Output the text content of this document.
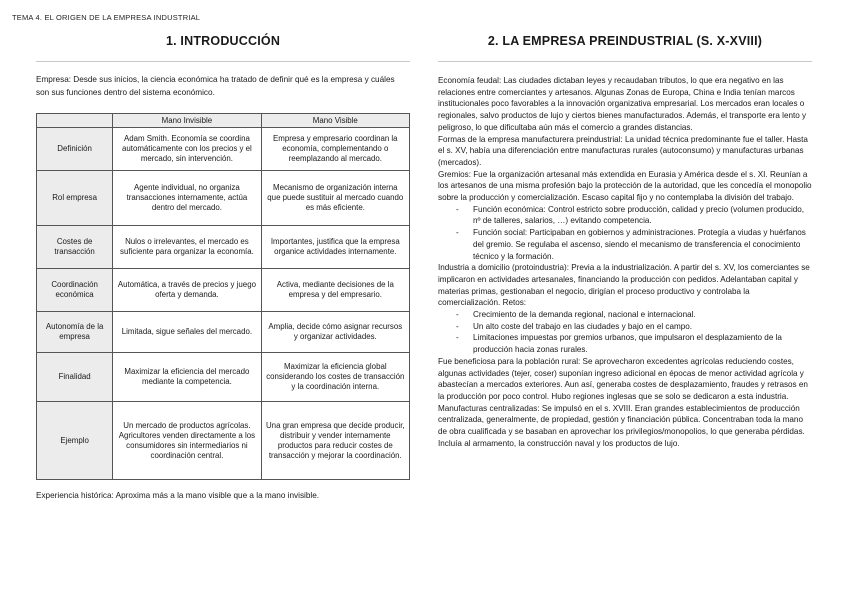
TEMA 4. EL ORIGEN DE LA EMPRESA INDUSTRIAL
1. INTRODUCCIÓN
Empresa: Desde sus inicios, la ciencia económica ha tratado de definir qué es la empresa y cuáles son sus funciones dentro del sistema económico.
	Mano Invisible	Mano Visible
Definición	Adam Smith. Economía se coordina automáticamente con los precios y el mercado, sin intervención.	Empresa y empresario coordinan la economía, complementando o reemplazando al mercado.
Rol empresa	Agente individual, no organiza transacciones internamente, actúa dentro del mercado.	Mecanismo de organización interna que puede sustituir al mercado cuando es más eficiente.
Costes de transacción	Nulos o irrelevantes, el mercado es suficiente para organizar la economía.	Importantes, justifica que la empresa organice actividades internamente.
Coordinación económica	Automática, a través de precios y juego oferta y demanda.	Activa, mediante decisiones de la empresa y del empresario.
Autonomía de la empresa	Limitada, sigue señales del mercado.	Amplia, decide cómo asignar recursos y organizar actividades.
Finalidad	Maximizar la eficiencia del mercado mediante la competencia.	Maximizar la eficiencia global considerando los costes de transacción y la coordinación interna.
Ejemplo	Un mercado de productos agrícolas. Agricultores venden directamente a los consumidores sin intermediarios ni coordinación central.	Una gran empresa que decide producir, distribuir y vender internamente productos para reducir costes de transacción y mejorar la coordinación.
Experiencia histórica: Aproxima más a la mano visible que a la mano invisible.
2. LA EMPRESA PREINDUSTRIAL (S. X-XVIII)

Economía feudal: Las ciudades dictaban leyes y recaudaban tributos, lo que era negativo en las relaciones entre comerciantes y artesanos. Algunas Zonas de Europa, China e India tenían marcos institucionales poco favorables a la innovación organizativa empresarial. Los mercados eran locales o regionales, salvo productos de lujo y ciertos bienes manufacturados. Además, el transporte era lento y peligroso, lo que dificultaba aún más el comercio a grandes distancias.

Formas de la empresa manufacturera preindustrial: La unidad técnica predominante fue el taller. Hasta el s. XV, había una diferenciación entre manufacturas rurales (autoconsumo) y manufacturas urbanas (mercados).

Gremios: Fue la organización artesanal más extendida en Eurasia y América desde el s. XI. Reunían a los artesanos de una misma profesión bajo la protección de la autoridad, que les concedía el monopolio sobre la producción y comercialización. Escaso capital fijo y no contemplaba la división del trabajo.

- Función económica: Control estricto sobre producción, calidad y precio (volumen producido, nº de talleres, salarios, …) evitando competencia.
- Función social: Participaban en gobiernos y administraciones. Protegía a viudas y huérfanos del gremio. Se regulaba el ascenso, siendo el mecanismo de transferencia el conocimiento técnico y la formación.

Industria a domicilio (protoindustria): Previa a la industrialización. A partir del s. XV, los comerciantes se implicaron en actividades artesanales, financiando la producción con pedidos. Adelantaban capital y materias primas, gestionaban el negocio, dirigían el proceso productivo y controlaba la comercialización. Retos:

- Crecimiento de la demanda regional, nacional e internacional.
- Un alto coste del trabajo en las ciudades y bajo en el campo.
- Limitaciones impuestas por gremios urbanos, que impulsaron el desplazamiento de la producción hacia zonas rurales.

Fue beneficiosa para la población rural: Se aprovecharon excedentes agrícolas reduciendo costes, algunas actividades (tejer, coser) suponían ingreso adicional en épocas de menor actividad agrícola y abastecían a mercados exteriores. Aun así, generaba costes de desplazamiento, fraudes y retrasos en la producción por poco control. Hubo regiones inglesas que se solo se dedicaron a esta industria.

Manufacturas centralizadas: Se impulsó en el s. XVIII. Eran grandes establecimientos de producción centralizada, generalmente, de propiedad, gestión y financiación pública. Concentraban toda la mano de obra cualificada y se basaban en aprovechar los privilegios/monopolios, lo que generaba pérdidas. Incluía al armamento, la construcción naval y los productos de lujo.
